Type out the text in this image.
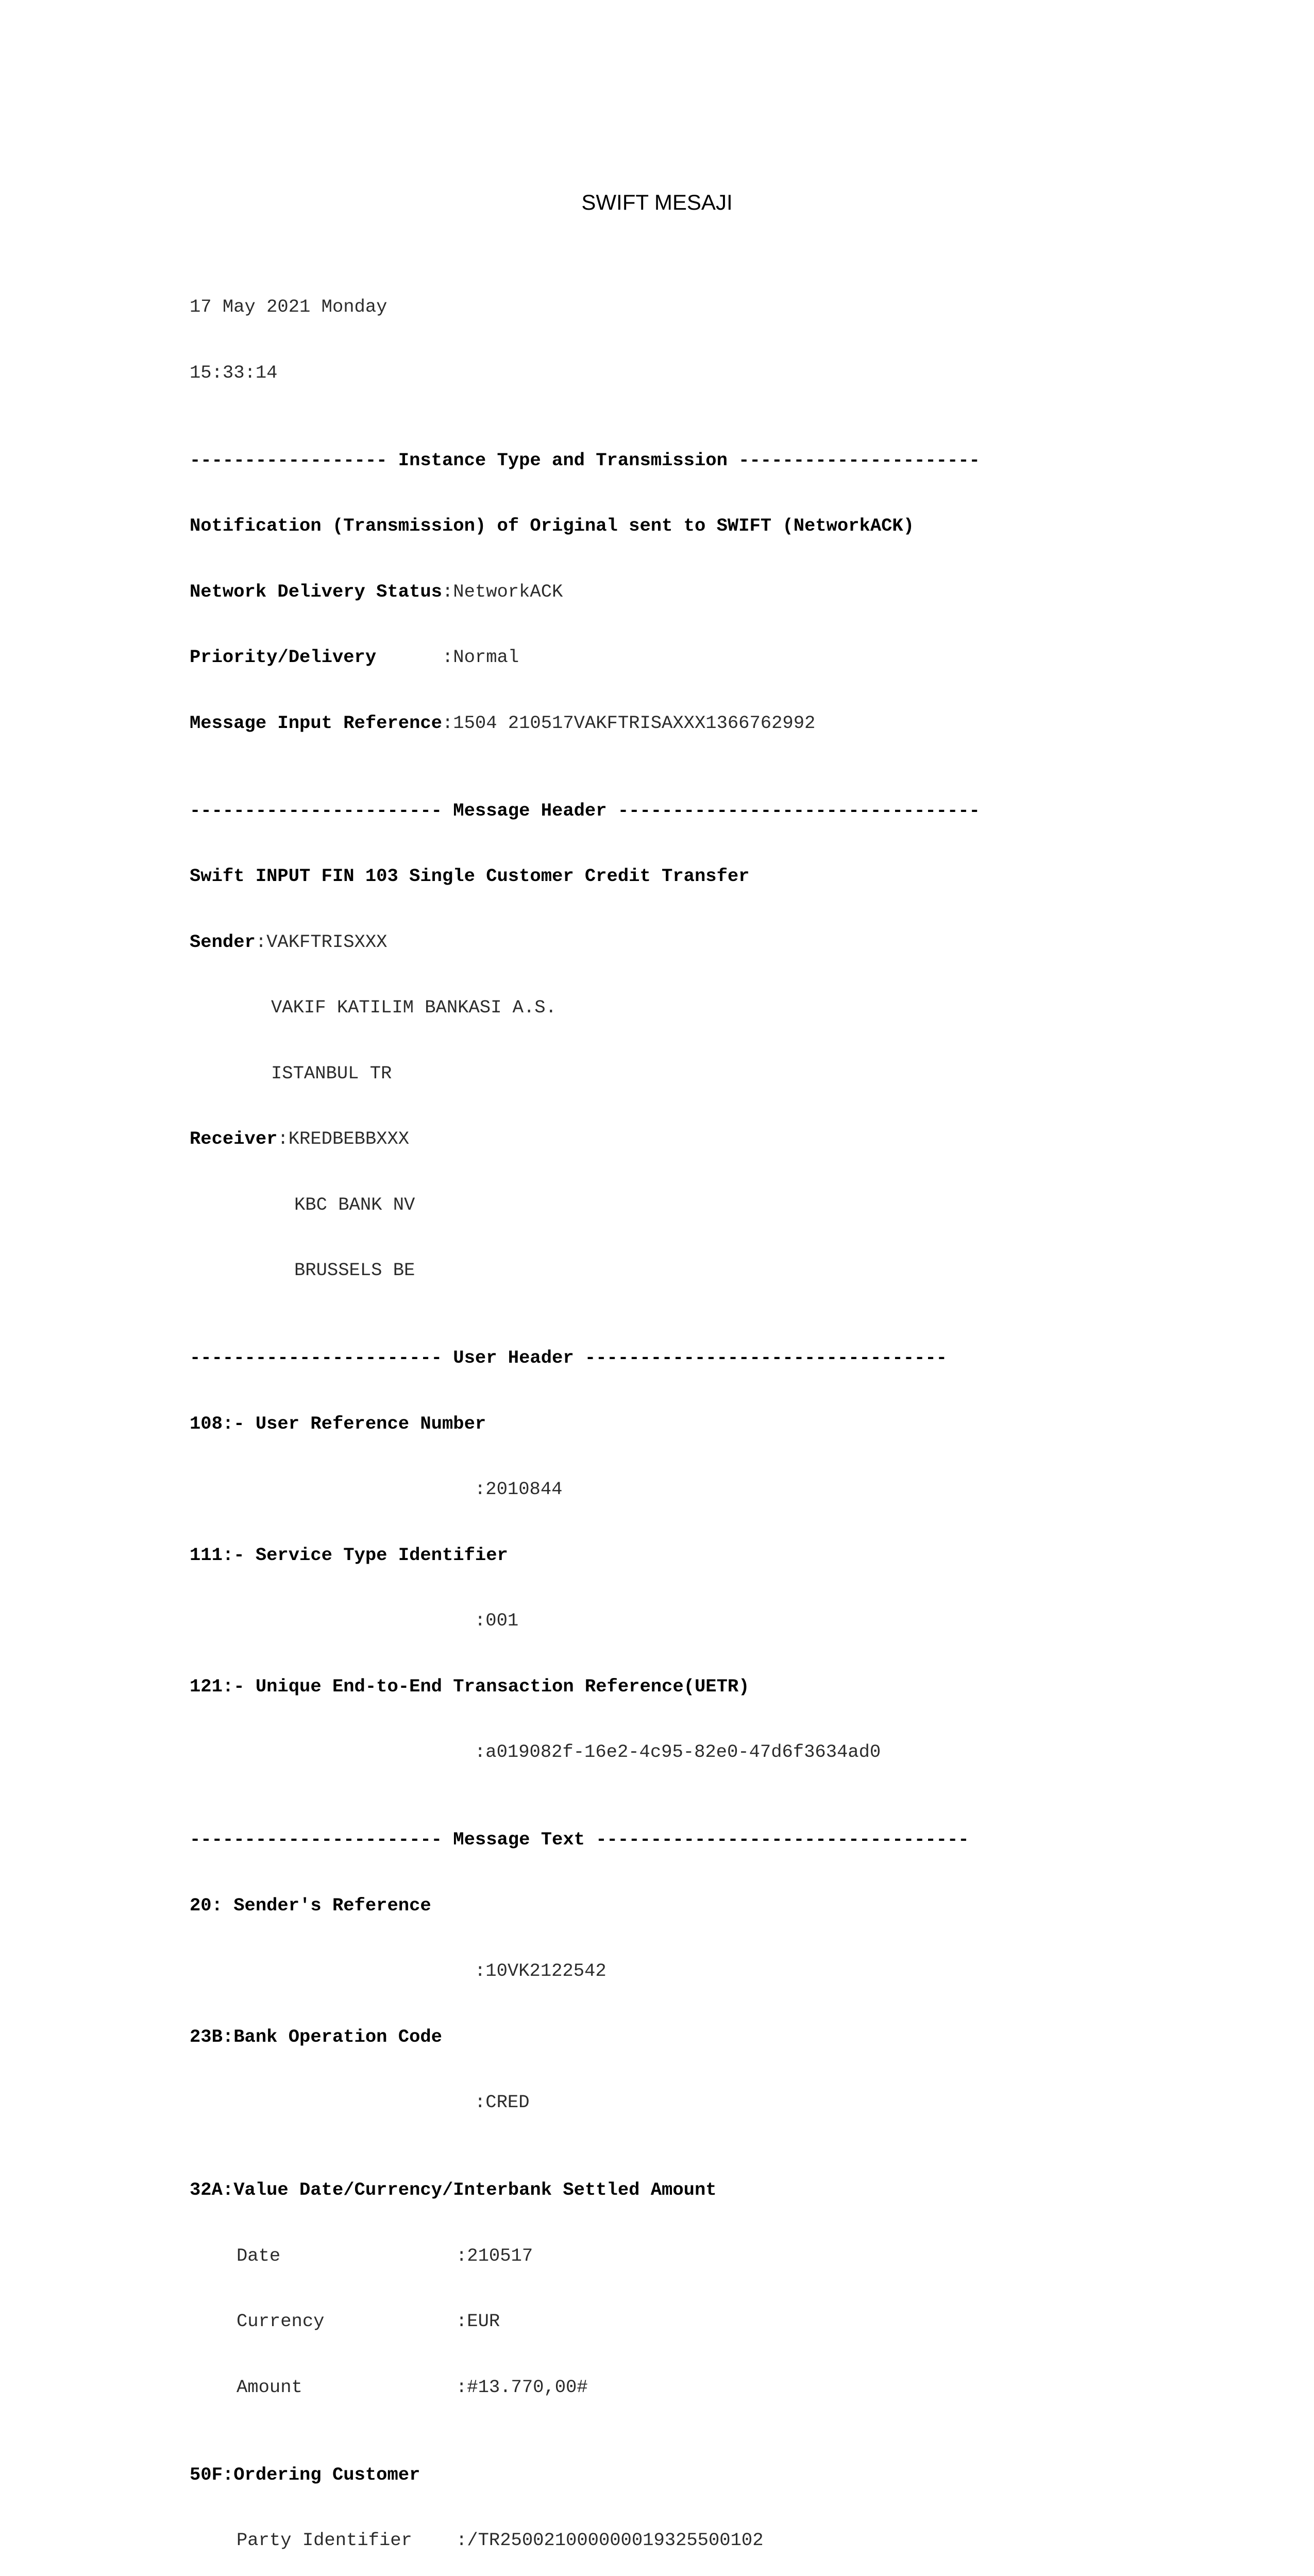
SWIFT MESAJI

17 May 2021 Monday

15:33:14

------------------ Instance Type and Transmission ----------------------

Notification (Transmission) of Original sent to SWIFT (NetworkACK)

Network Delivery Status:NetworkACK

Priority/Delivery	:Normal

Message Input Reference:1504 210517VAKFTRISAXXX1366762992

----------------------- Message Header ---------------------------------

Swift INPUT FIN 103 Single Customer Credit Transfer

Sender:VAKFTRISXXX

VAKIF KATILIM BANKASI A.S.

ISTANBUL TR

Receiver:KREDBEBBXXX

KBC BANK NV

BRUSSELS BE

----------------------- User Header ---------------------------------

108:- User Reference Number

:2010844

111:- Service Type Identifier

:001

121:- Unique End-to-End Transaction Reference(UETR)

:a019082f-16e2-4c95-82e0-47d6f3634ad0

----------------------- Message Text ----------------------------------

20: Sender's Reference

:10VK2122542

23B:Bank Operation Code

:CRED

32A:Value Date/Currency/Interbank Settled Amount

Date	:210517

Currency	:EUR

Amount	:#13.770,00#

50F:Ordering Customer

Party Identifier :/TR250021000000019325500102
